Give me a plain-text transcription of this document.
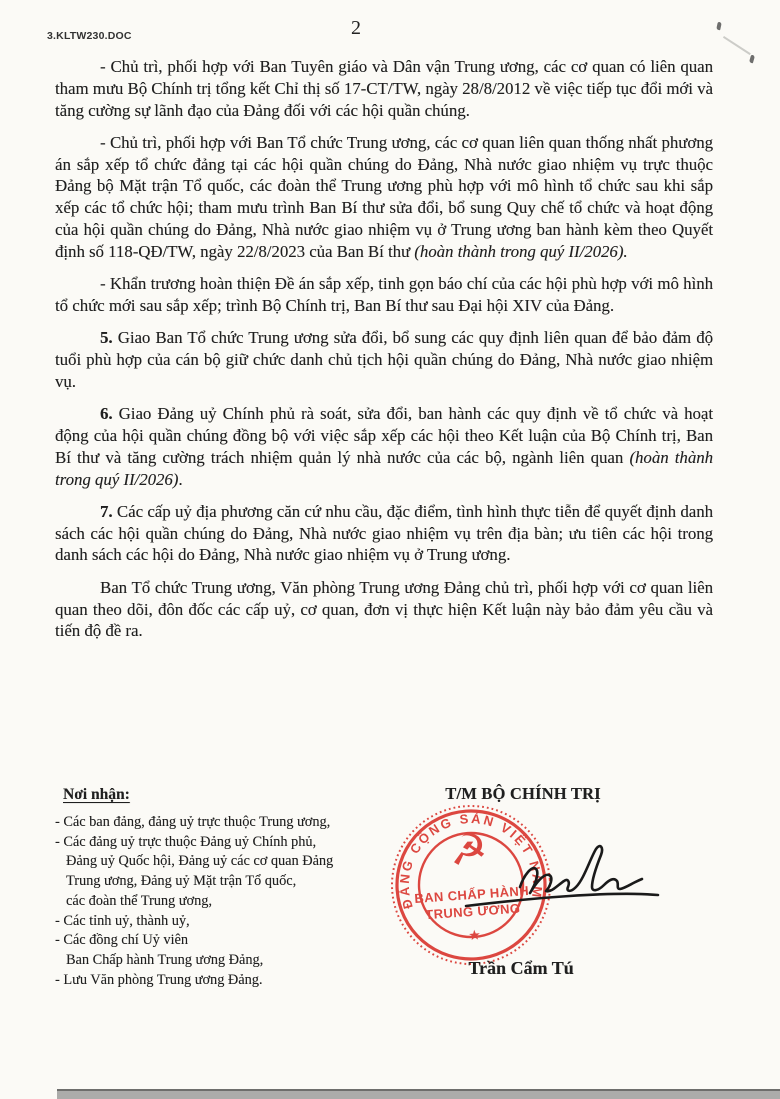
3.KLTW230.DOC	2

- Chủ trì, phối hợp với Ban Tuyên giáo và Dân vận Trung ương, các cơ quan có liên quan tham mưu Bộ Chính trị tổng kết Chỉ thị số 17-CT/TW, ngày 28/8/2012 về việc tiếp tục đổi mới và tăng cường sự lãnh đạo của Đảng đối với các hội quần chúng.

- Chủ trì, phối hợp với Ban Tổ chức Trung ương, các cơ quan liên quan thống nhất phương án sắp xếp tổ chức đảng tại các hội quần chúng do Đảng, Nhà nước giao nhiệm vụ trực thuộc Đảng bộ Mặt trận Tổ quốc, các đoàn thể Trung ương phù hợp với mô hình tổ chức sau khi sắp xếp các tổ chức hội; tham mưu trình Ban Bí thư sửa đổi, bổ sung Quy chế tổ chức và hoạt động của hội quần chúng do Đảng, Nhà nước giao nhiệm vụ ở Trung ương ban hành kèm theo Quyết định số 118-QĐ/TW, ngày 22/8/2023 của Ban Bí thư (hoàn thành trong quý II/2026).

- Khẩn trương hoàn thiện Đề án sắp xếp, tinh gọn báo chí của các hội phù hợp với mô hình tổ chức mới sau sắp xếp; trình Bộ Chính trị, Ban Bí thư sau Đại hội XIV của Đảng.

5. Giao Ban Tổ chức Trung ương sửa đổi, bổ sung các quy định liên quan để bảo đảm độ tuổi phù hợp của cán bộ giữ chức danh chủ tịch hội quần chúng do Đảng, Nhà nước giao nhiệm vụ.

6. Giao Đảng uỷ Chính phủ rà soát, sửa đổi, ban hành các quy định về tổ chức và hoạt động của hội quần chúng đồng bộ với việc sắp xếp các hội theo Kết luận của Bộ Chính trị, Ban Bí thư và tăng cường trách nhiệm quản lý nhà nước của các bộ, ngành liên quan (hoàn thành trong quý II/2026).

7. Các cấp uỷ địa phương căn cứ nhu cầu, đặc điểm, tình hình thực tiễn để quyết định danh sách các hội quần chúng do Đảng, Nhà nước giao nhiệm vụ trên địa bàn; ưu tiên các hội trong danh sách các hội do Đảng, Nhà nước giao nhiệm vụ ở Trung ương.

Ban Tổ chức Trung ương, Văn phòng Trung ương Đảng chủ trì, phối hợp với cơ quan liên quan theo dõi, đôn đốc các cấp uỷ, cơ quan, đơn vị thực hiện Kết luận này bảo đảm yêu cầu và tiến độ đề ra.

Nơi nhận:
- Các ban đảng, đảng uỷ trực thuộc Trung ương,
- Các đảng uỷ trực thuộc Đảng uỷ Chính phủ,
Đảng uỷ Quốc hội, Đảng uỷ các cơ quan Đảng
Trung ương, Đảng uỷ Mặt trận Tổ quốc,
các đoàn thể Trung ương,
- Các tỉnh uỷ, thành uỷ,
- Các đồng chí Uỷ viên
Ban Chấp hành Trung ương Đảng,
- Lưu Văn phòng Trung ương Đảng.
T/M BỘ CHÍNH TRỊ
ĐẢNG CỘNG SẢN VIỆT NAM
☭
BAN CHẤP HÀNH
TRUNG ƯƠNG
★
Trần Cẩm Tú
